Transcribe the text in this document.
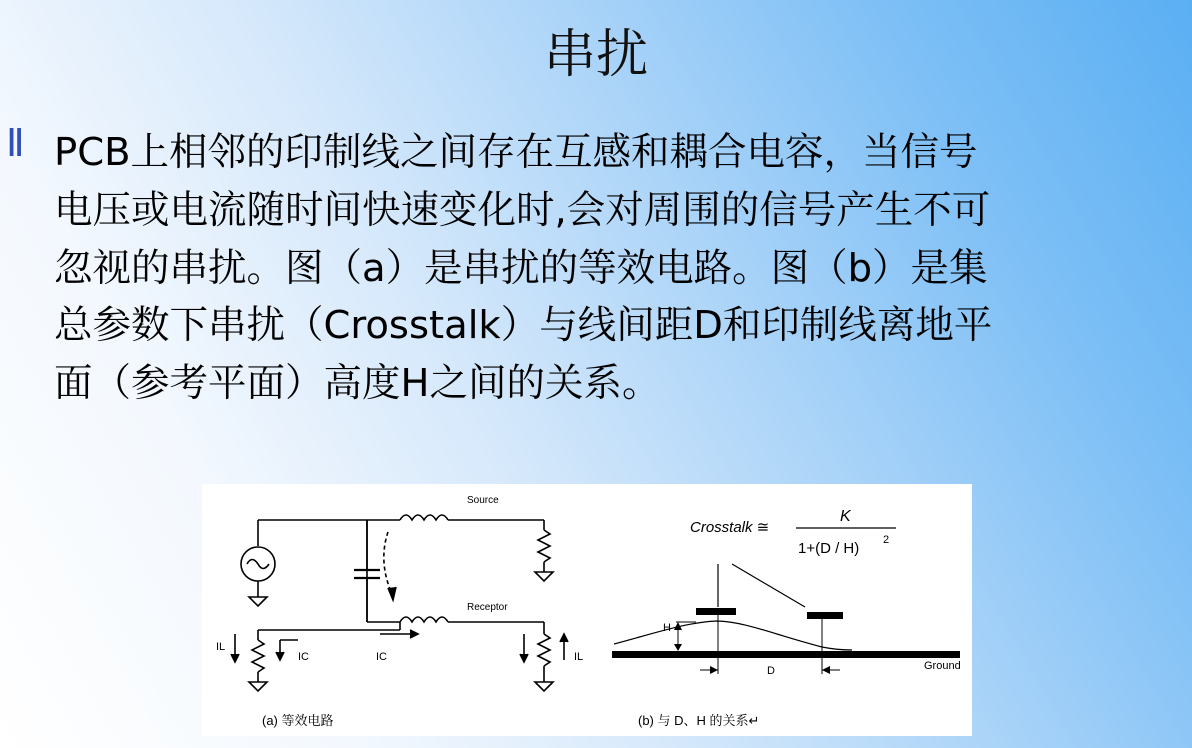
串扰
Ⅱ PCB上相邻的印制线之间存在互感和耦合电容，当信号
电压或电流随时间快速变化时,会对周围的信号产生不可
忽视的串扰。图（a）是串扰的等效电路。图（b）是集
总参数下串扰（Crosstalk）与线间距D和印制线离地平
面（参考平面）高度H之间的关系。
Source
Receptor
IL
IC	IC	IL
(a) 等效电路
Crosstalk ≅
K
1+(D / H) 2
Ground
H
D
(b) 与 D、H 的关系↵
